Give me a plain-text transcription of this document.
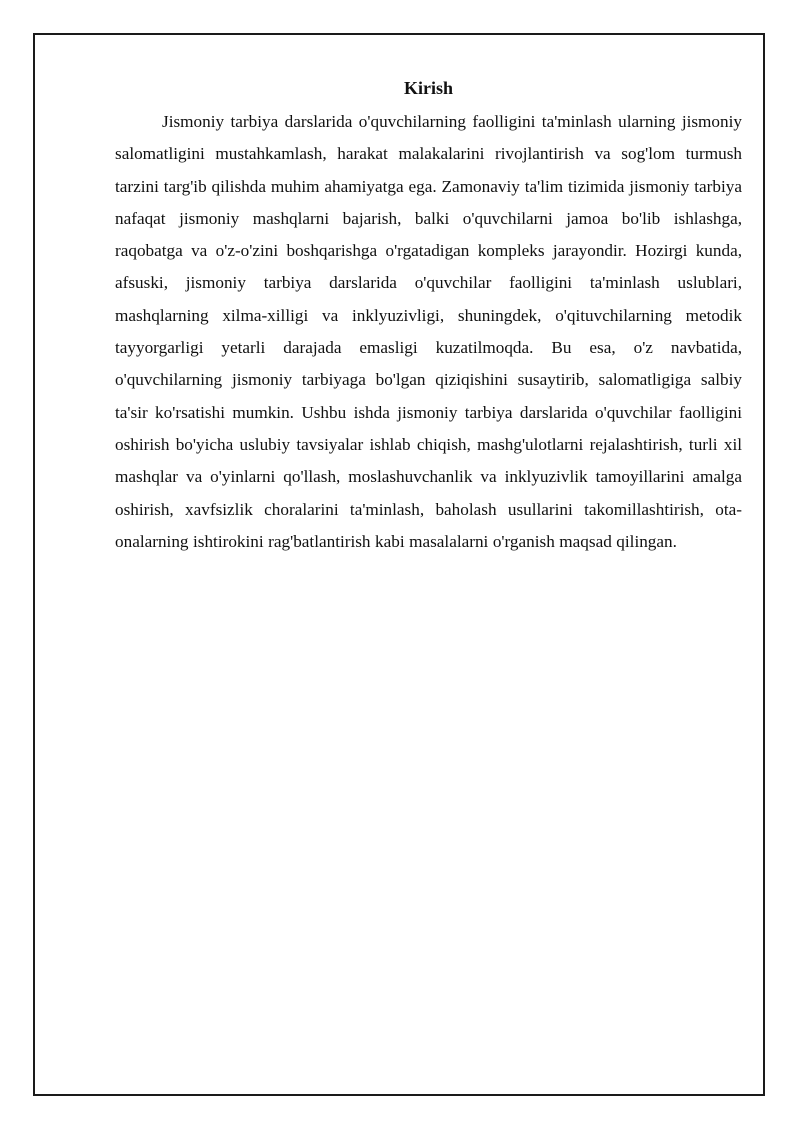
Kirish

Jismoniy tarbiya darslarida o'quvchilarning faolligini ta'minlash ularning jismoniy salomatligini mustahkamlash, harakat malakalarini rivojlantirish va sog'lom turmush tarzini targ'ib qilishda muhim ahamiyatga ega. Zamonaviy ta'lim tizimida jismoniy tarbiya nafaqat jismoniy mashqlarni bajarish, balki o'quvchilarni jamoa bo'lib ishlashga, raqobatga va o'z-o'zini boshqarishga o'rgatadigan kompleks jarayondir. Hozirgi kunda, afsuski, jismoniy tarbiya darslarida o'quvchilar faolligini ta'minlash uslublari, mashqlarning xilma-xilligi va inklyuzivligi, shuningdek, o'qituvchilarning metodik tayyorgarligi yetarli darajada emasligi kuzatilmoqda. Bu esa, o'z navbatida, o'quvchilarning jismoniy tarbiyaga bo'lgan qiziqishini susaytirib, salomatligiga salbiy ta'sir ko'rsatishi mumkin. Ushbu ishda jismoniy tarbiya darslarida o'quvchilar faolligini oshirish bo'yicha uslubiy tavsiyalar ishlab chiqish, mashg'ulotlarni rejalashtirish, turli xil mashqlar va o'yinlarni qo'llash, moslashuvchanlik va inklyuzivlik tamoyillarini amalga oshirish, xavfsizlik choralarini ta'minlash, baholash usullarini takomillashtirish, ota-onalarning ishtirokini rag'batlantirish kabi masalalarni o'rganish maqsad qilingan.
